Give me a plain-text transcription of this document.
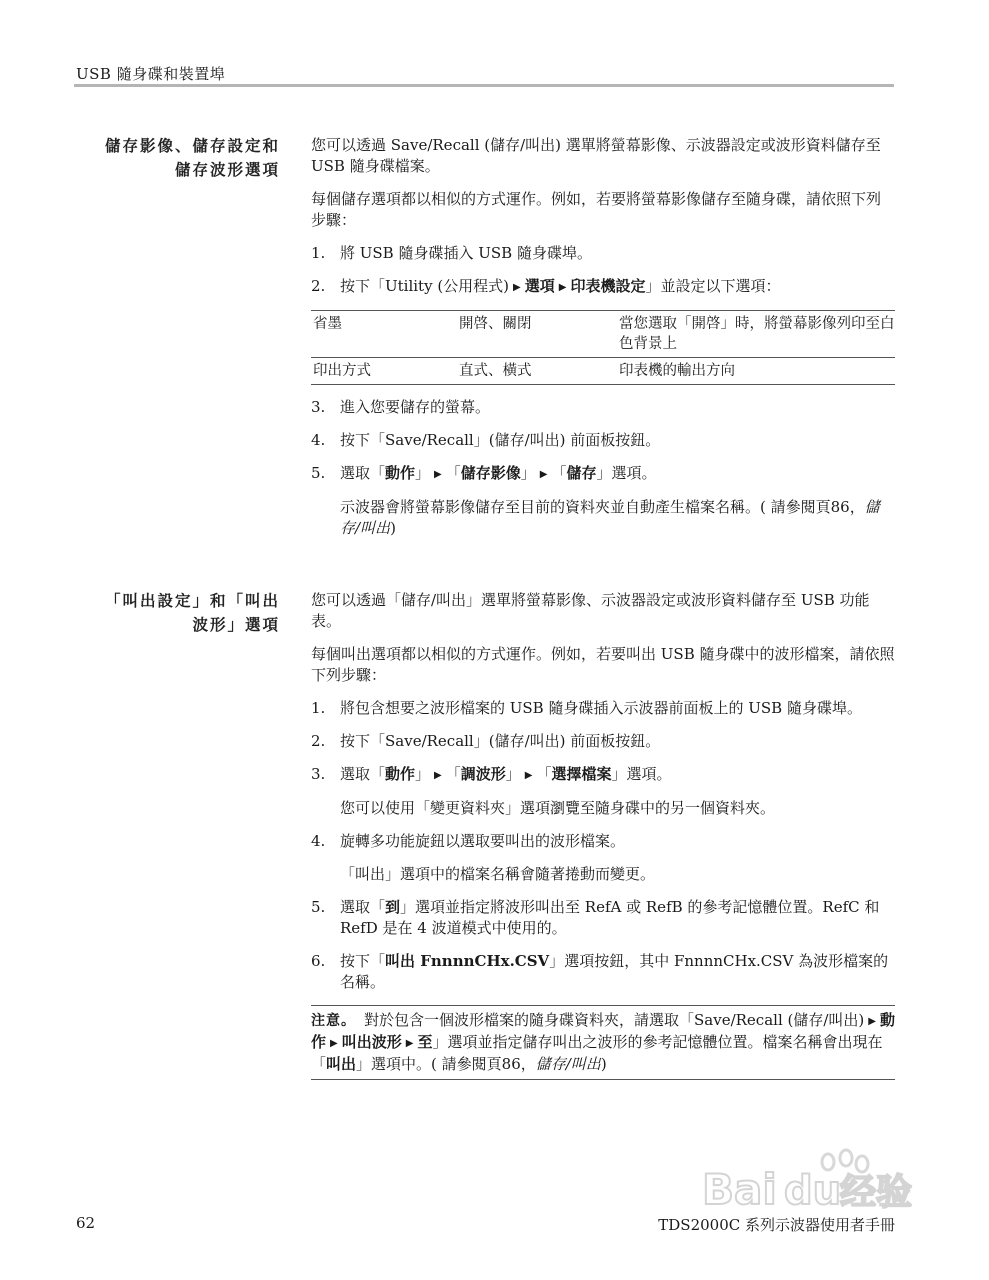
USB 隨身碟和裝置埠
儲存影像、儲存設定和
儲存波形選項

您可以透過 Save/Recall (儲存/叫出) 選單將螢幕影像、示波器設定或波形資料儲存至 USB 隨身碟檔案。

每個儲存選項都以相似的方式運作。例如，若要將螢幕影像儲存至隨身碟，請依照下列步驟：

1. 將 USB 隨身碟插入 USB 隨身碟埠。
2. 按下「Utility (公用程式) ▶ 選項 ▶ 印表機設定」並設定以下選項：
省墨	開啓、關閉	當您選取「開啓」時，將螢幕影像列印至白色背景上
印出方式	直式、橫式	印表機的輸出方向
3. 進入您要儲存的螢幕。
4. 按下「Save/Recall」(儲存/叫出) 前面板按鈕。
5. 選取「動作」 ▶ 「儲存影像」 ▶ 「儲存」選項。
示波器會將螢幕影像儲存至目前的資料夾並自動產生檔案名稱。( 請參閱頁86，儲存/叫出)
「叫出設定」和「叫出
波形」選項

您可以透過「儲存/叫出」選單將螢幕影像、示波器設定或波形資料儲存至 USB 功能表。

每個叫出選項都以相似的方式運作。例如，若要叫出 USB 隨身碟中的波形檔案，請依照下列步驟：

1. 將包含想要之波形檔案的 USB 隨身碟插入示波器前面板上的 USB 隨身碟埠。
2. 按下「Save/Recall」(儲存/叫出) 前面板按鈕。
3. 選取「動作」 ▶ 「調波形」 ▶ 「選擇檔案」選項。
您可以使用「變更資料夾」選項瀏覽至隨身碟中的另一個資料夾。
4. 旋轉多功能旋鈕以選取要叫出的波形檔案。
「叫出」選項中的檔案名稱會隨著捲動而變更。
5. 選取「到」選項並指定將波形叫出至 RefA 或 RefB 的參考記憶體位置。RefC 和 RefD 是在 4 波道模式中使用的。
6. 按下「叫出 FnnnnCHx.CSV」選項按鈕，其中 FnnnnCHx.CSV 為波形檔案的名稱。
注意。 對於包含一個波形檔案的隨身碟資料夾，請選取「Save/Recall (儲存/叫出) ▶ 動作 ▶ 叫出波形 ▶ 至」選項並指定儲存叫出之波形的參考記憶體位置。檔案名稱會出現在「叫出」選項中。( 請參閱頁86，儲存/叫出)
Bai du
经验
62	TDS2000C 系列示波器使用者手冊
